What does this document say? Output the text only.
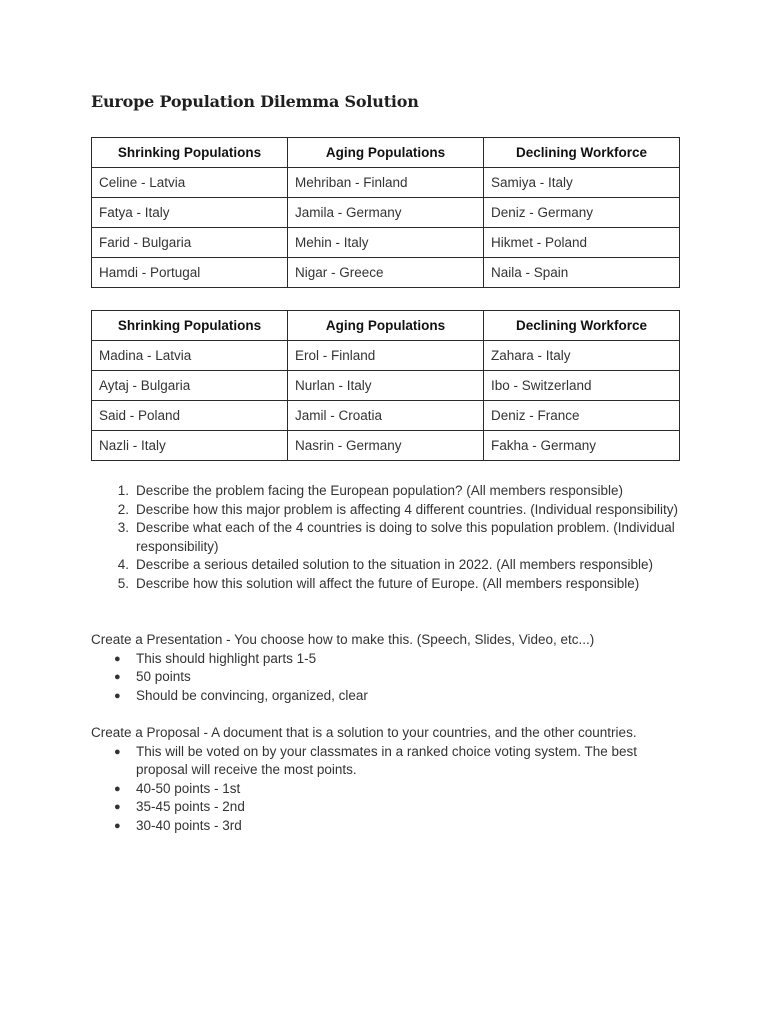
Europe Population Dilemma Solution
Shrinking Populations	Aging Populations	Declining Workforce
Celine - Latvia	Mehriban - Finland	Samiya - Italy
Fatya - Italy	Jamila - Germany	Deniz - Germany
Farid - Bulgaria	Mehin - Italy	Hikmet - Poland
Hamdi - Portugal	Nigar - Greece	Naila - Spain
Shrinking Populations	Aging Populations	Declining Workforce
Madina - Latvia	Erol - Finland	Zahara - Italy
Aytaj - Bulgaria	Nurlan - Italy	Ibo - Switzerland
Said - Poland	Jamil - Croatia	Deniz - France
Nazli - Italy	Nasrin - Germany	Fakha - Germany
1. Describe the problem facing the European population? (All members responsible)
2. Describe how this major problem is affecting 4 different countries. (Individual responsibility)
3. Describe what each of the 4 countries is doing to solve this population problem. (Individual responsibility)
4. Describe a serious detailed solution to the situation in 2022. (All members responsible)
5. Describe how this solution will affect the future of Europe. (All members responsible)

Create a Presentation - You choose how to make this. (Speech, Slides, Video, etc...)

● This should highlight parts 1-5
● 50 points
● Should be convincing, organized, clear

Create a Proposal - A document that is a solution to your countries, and the other countries.

● This will be voted on by your classmates in a ranked choice voting system. The best proposal will receive the most points.
● 40-50 points - 1st
● 35-45 points - 2nd
● 30-40 points - 3rd
